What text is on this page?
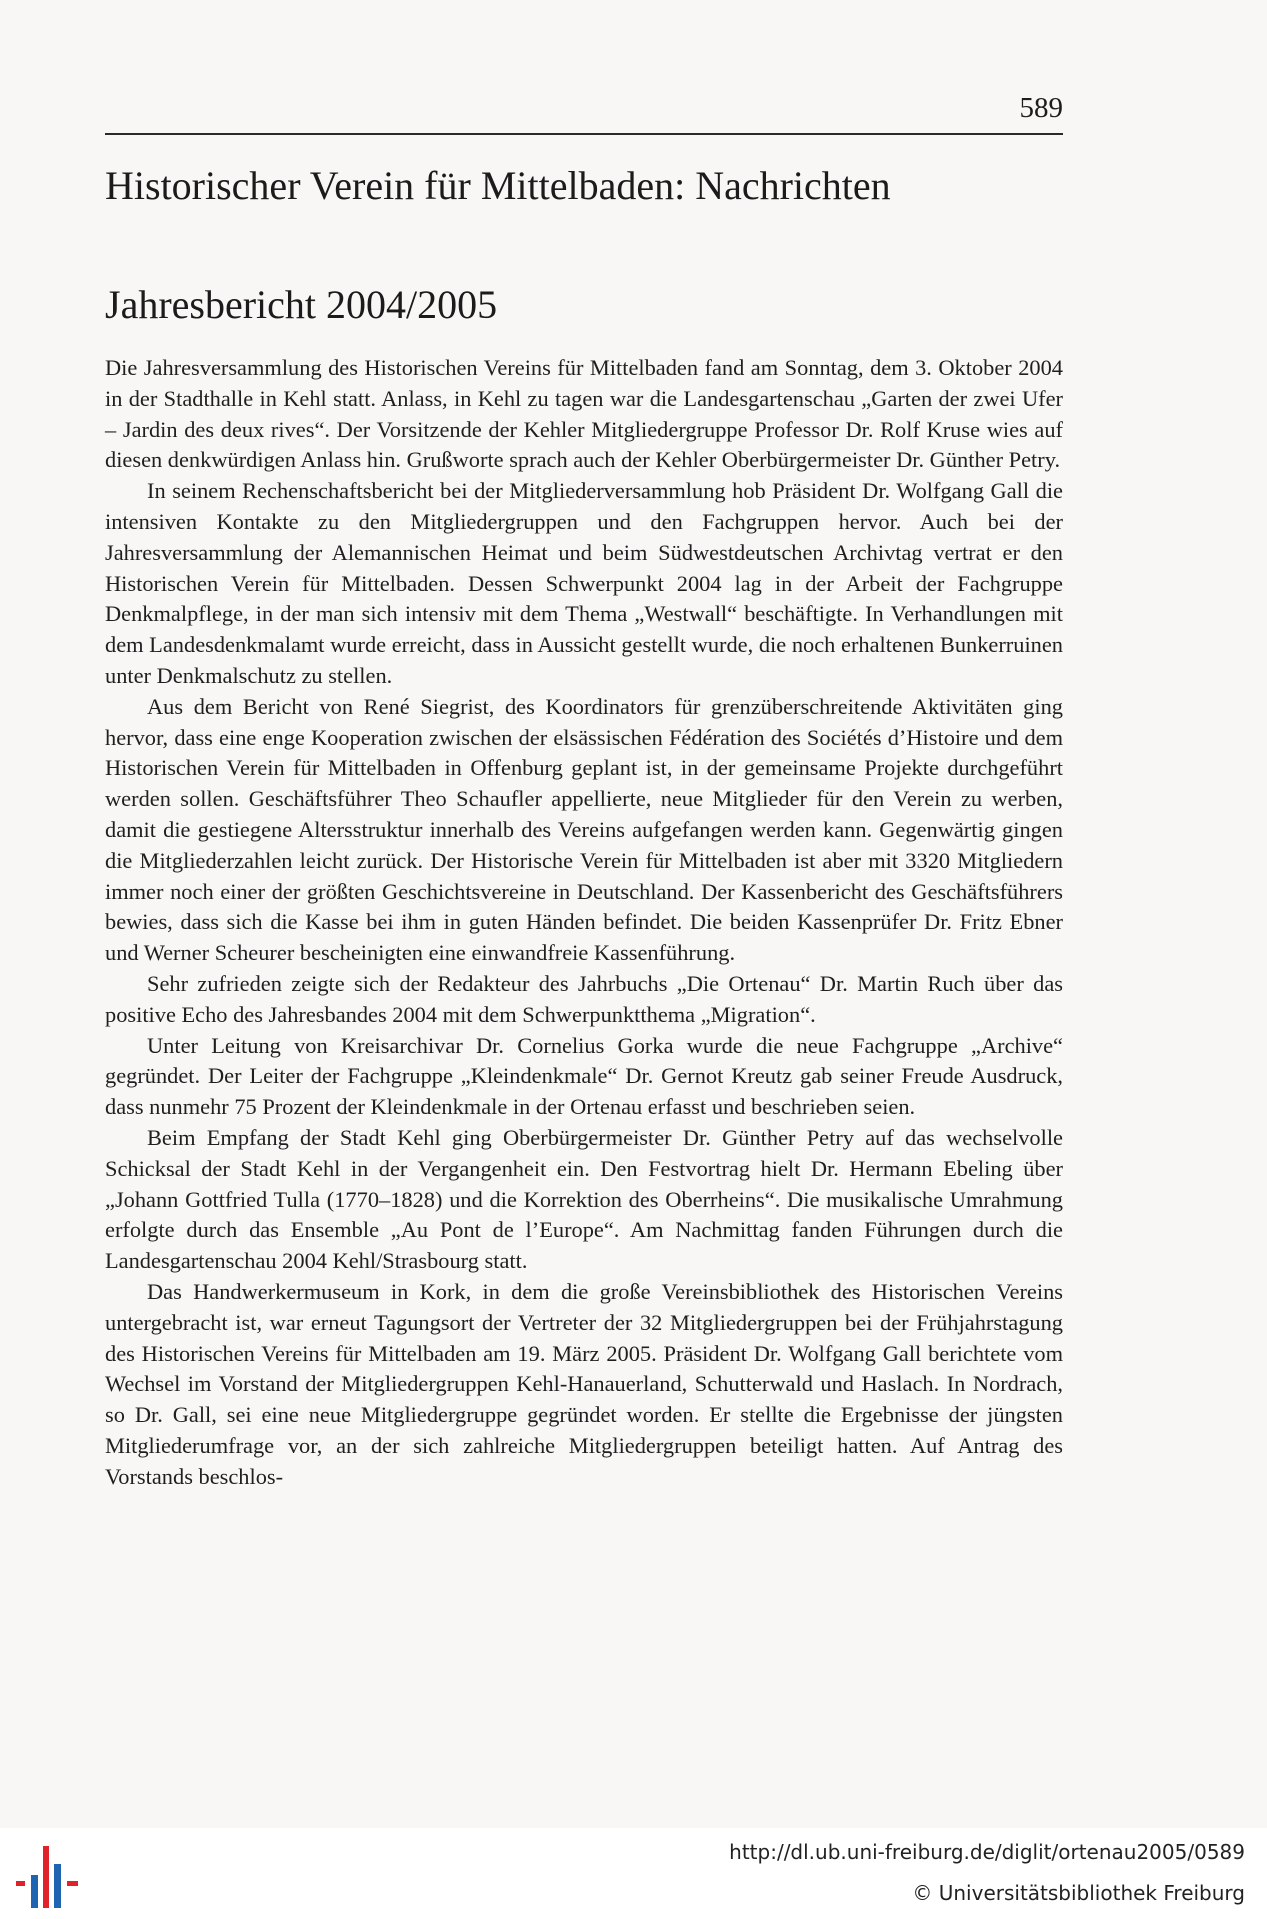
589
Historischer Verein für Mittelbaden: Nachrichten
Jahresbericht 2004/2005

Die Jahresversammlung des Historischen Vereins für Mittelbaden fand am Sonntag, dem 3. Oktober 2004 in der Stadthalle in Kehl statt. Anlass, in Kehl zu tagen war die Landesgartenschau „Garten der zwei Ufer – Jardin des deux rives“. Der Vorsitzende der Kehler Mitgliedergruppe Professor Dr. Rolf Kruse wies auf diesen denkwürdigen Anlass hin. Grußworte sprach auch der Kehler Oberbürgermeister Dr. Günther Petry.

In seinem Rechenschaftsbericht bei der Mitgliederversammlung hob Präsident Dr. Wolfgang Gall die intensiven Kontakte zu den Mitgliedergruppen und den Fachgruppen hervor. Auch bei der Jahresversammlung der Alemannischen Heimat und beim Südwestdeutschen Archivtag vertrat er den Historischen Verein für Mittelbaden. Dessen Schwerpunkt 2004 lag in der Arbeit der Fachgruppe Denkmalpflege, in der man sich intensiv mit dem Thema „Westwall“ beschäftigte. In Verhandlungen mit dem Landesdenkmalamt wurde erreicht, dass in Aussicht gestellt wurde, die noch erhaltenen Bunkerruinen unter Denkmalschutz zu stellen.

Aus dem Bericht von René Siegrist, des Koordinators für grenzüberschreitende Aktivitäten ging hervor, dass eine enge Kooperation zwischen der elsässischen Fédération des Sociétés d’Histoire und dem Historischen Verein für Mittelbaden in Offenburg geplant ist, in der gemeinsame Projekte durchgeführt werden sollen. Geschäftsführer Theo Schaufler appellierte, neue Mitglieder für den Verein zu werben, damit die gestiegene Altersstruktur innerhalb des Vereins aufgefangen werden kann. Gegenwärtig gingen die Mitgliederzahlen leicht zurück. Der Historische Verein für Mittelbaden ist aber mit 3320 Mitgliedern immer noch einer der größten Geschichtsvereine in Deutschland. Der Kassenbericht des Geschäftsführers bewies, dass sich die Kasse bei ihm in guten Händen befindet. Die beiden Kassenprüfer Dr. Fritz Ebner und Werner Scheurer bescheinigten eine einwandfreie Kassenführung.

Sehr zufrieden zeigte sich der Redakteur des Jahrbuchs „Die Ortenau“ Dr. Martin Ruch über das positive Echo des Jahresbandes 2004 mit dem Schwerpunktthema „Migration“.

Unter Leitung von Kreisarchivar Dr. Cornelius Gorka wurde die neue Fachgruppe „Archive“ gegründet. Der Leiter der Fachgruppe „Kleindenkmale“ Dr. Gernot Kreutz gab seiner Freude Ausdruck, dass nunmehr 75 Prozent der Kleindenkmale in der Ortenau erfasst und beschrieben seien.

Beim Empfang der Stadt Kehl ging Oberbürgermeister Dr. Günther Petry auf das wechselvolle Schicksal der Stadt Kehl in der Vergangenheit ein. Den Festvortrag hielt Dr. Hermann Ebeling über „Johann Gottfried Tulla (1770–1828) und die Korrektion des Oberrheins“. Die musikalische Umrahmung erfolgte durch das Ensemble „Au Pont de l’Europe“. Am Nachmittag fanden Führungen durch die Landesgartenschau 2004 Kehl/Strasbourg statt.

Das Handwerkermuseum in Kork, in dem die große Vereinsbibliothek des Historischen Vereins untergebracht ist, war erneut Tagungsort der Vertreter der 32 Mitgliedergruppen bei der Frühjahrstagung des Historischen Vereins für Mittelbaden am 19. März 2005. Präsident Dr. Wolfgang Gall berichtete vom Wechsel im Vorstand der Mitgliedergruppen Kehl-Hanauerland, Schutterwald und Haslach. In Nordrach, so Dr. Gall, sei eine neue Mitgliedergruppe gegründet worden. Er stellte die Ergebnisse der jüngsten Mitgliederumfrage vor, an der sich zahlreiche Mitgliedergruppen beteiligt hatten. Auf Antrag des Vorstands beschlos-

http://dl.ub.uni-freiburg.de/diglit/ortenau2005/0589
© Universitätsbibliothek Freiburg
